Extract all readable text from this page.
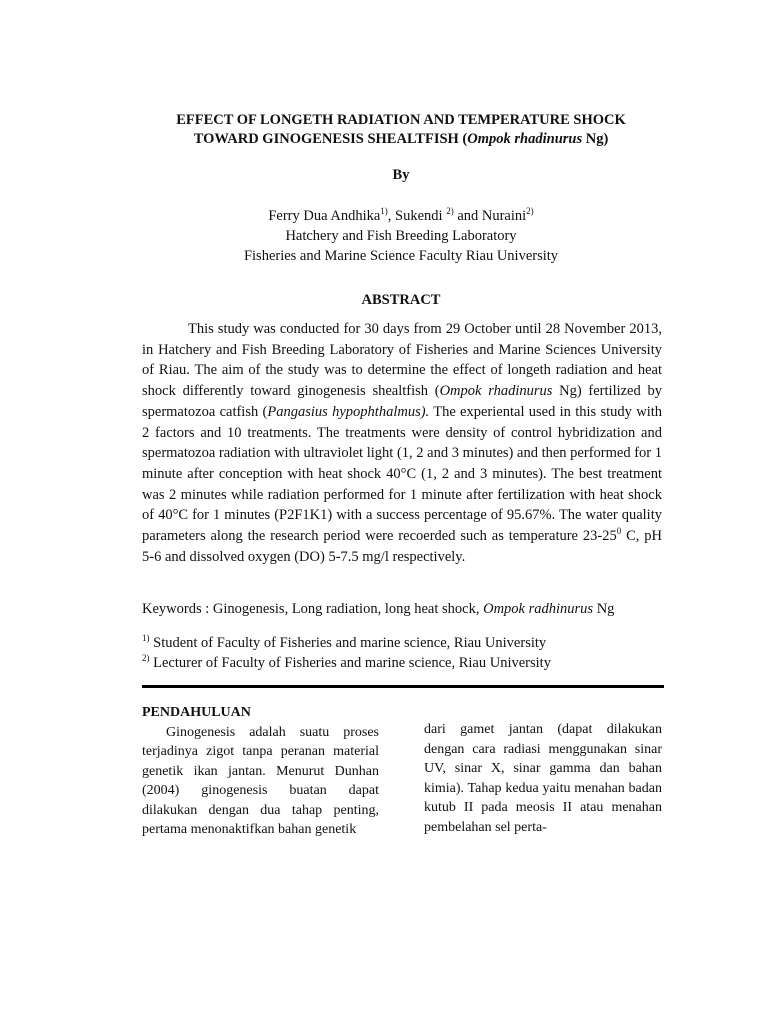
EFFECT OF LONGETH RADIATION AND TEMPERATURE SHOCK
TOWARD GINOGENESIS SHEALTFISH (Ompok rhadinurus Ng)
By
Ferry Dua Andhika$^{1)}$, Sukendi $^{2)}$ and Nuraini$^{2)}$
Hatchery and Fish Breeding Laboratory
Fisheries and Marine Science Faculty Riau University
ABSTRACT

This study was conducted for 30 days from 29 October until 28 November 2013, in Hatchery and Fish Breeding Laboratory of Fisheries and Marine Sciences University of Riau. The aim of the study was to determine the effect of longeth radiation and heat shock differently toward ginogenesis shealtfish (Ompok rhadinurus Ng) fertilized by spermatozoa catfish (Pangasius hypophthalmus). The experiental used in this study with 2 factors and 10 treatments. The treatments were density of control hybridization and spermatozoa radiation with ultraviolet light (1, 2 and 3 minutes) and then performed for 1 minute after conception with heat shock 40°C (1, 2 and 3 minutes). The best treatment was 2 minutes while radiation performed for 1 minute after fertilization with heat shock of 40°C for 1 minutes (P2F1K1) with a success percentage of 95.67%. The water quality parameters along the research period were recoerded such as temperature $23-25^0$ C, pH 5-6 and dissolved oxygen (DO) 5-7.5 mg/l respectively.

Keywords : Ginogenesis, Long radiation, long heat shock, Ompok radhinurus Ng
$^{1)}$ Student of Faculty of Fisheries and marine science, Riau University
$^{2)}$ Lecturer of Faculty of Fisheries and marine science, Riau University
PENDAHULUAN

Ginogenesis adalah suatu proses terjadinya zigot tanpa peranan material genetik ikan jantan. Menurut Dunhan (2004) ginogenesis buatan dapat dilakukan dengan dua tahap penting, pertama menonaktifkan bahan genetik

dari gamet jantan (dapat dilakukan dengan cara radiasi menggunakan sinar UV, sinar X, sinar gamma dan bahan kimia). Tahap kedua yaitu menahan badan kutub II pada meosis II atau menahan pembelahan sel perta-
